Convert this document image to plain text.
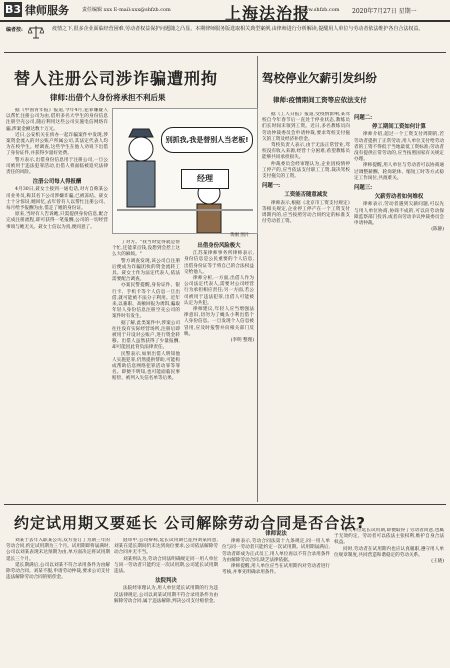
B3 律师服务	责任编辑 xxx E-mail:xxx@shfzb.com	上海法治报
www.shfzb.com 2020年7月27日 星期一
编者按:	疫情之下,很多企业面临经营困难,劳动者权益保护问题随之凸显。本期律师服务版选取相关典型案例,由律师进行分析解读,提醒用人单位与劳动者依法维护各自合法权益。
替人注册公司涉诈骗遭刑拘
律师:出借个人身份将承担不利后果

据《中国青年报》报道,今年4月,犯罪嫌疑人以帮忙注册公司为由,借用多名大学生的身份信息注册空壳公司,随后利用这些公司实施电信网络诈骗,涉案金额达数十万元。

近日,公安机关在侦办一起诈骗案件中发现,涉案资金流入的对公账户所属公司,其法定代表人均为在校学生。经调查,这些学生在他人劝说下出借了身份证件,并获得少量好处费。

警方表示,出借身份信息用于注册公司,一旦公司被用于违法犯罪活动,出借人将面临被追究法律责任的风险。

注册公司每人得报酬

4月30日,聂女士接到一通电话,对方自称某公司业务员,称其名下公司涉嫌诈骗,已被冻结。聂女士十分惊讶,她回忆,去年曾有人以帮忙注册公司、每月给予报酬为由,借走了她的身份证。

原来,当时有人告诉她,只需提供身份信息,配合完成注册流程,即可获得一笔报酬,公司的一切经营事项与她无关。聂女士信以为真,便同意了。

别抓我,我是替别人当老板!
经理
黄刚 图片

了对方。"我当时觉得就是帮个忙,还能拿点钱,没想到会惹上这么大的麻烦。"

警方调查发现,该公司自注册后便成为诈骗团伙的资金流转工具。聂女士作为法定代表人,依法需要配合调查。

办案民警提醒,身份证件、银行卡、手机卡等个人信息一旦出借,就可能被不法分子利用。近年来,以兼职、高额回报为诱饵,骗取年轻人身份信息注册空壳公司的案件时有发生。

据了解,此类案件中,涉案公司往往没有实际经营场所,注册后即被用于开设对公账户,进行资金转移。出借人虽然获得了少量报酬,却可能因此背负法律责任。

民警表示,如果出借人明知他人实施犯罪,仍然提供帮助,可能构成帮助信息网络犯罪活动罪等罪名。即便不明知,也可能面临民事赔偿、被列入失信名单等后果。

出借身份风险极大

江苏某律师事务所律师表示,身份信息是公民重要的个人信息,出借身份证等于将自己的合法权益交给他人。

律师分析,一方面,出借人作为公司法定代表人,需要对公司经营行为承担相应责任;另一方面,若公司被用于违法犯罪,出借人可能被认定为共犯。

律师建议,年轻人应当增强法律意识,切勿为了蝇头小利出借个人身份信息。一旦发现个人信息被冒用,应及时报警并向相关部门反映。

(李明 整理)

驾校停业欠薪引发纠纷
律师:疫情期间工资等应依法支付

据《工人日报》报道,受疫情影响,某驾校自今年春节后一直处于停业状态,教练员们长时间未领到工资。近日,多名教练员向劳动仲裁委员会申请仲裁,要求驾校支付拖欠的工资及经济补偿金。

驾校负责人表示,由于无法正常营业,驾校没有收入来源,经营十分困难,希望教练员能够共同承担损失。

仲裁委员会经审理认为,企业因疫情停工停产的,应当依法支付职工工资,裁决驾校支付拖欠的工资。

问题一:
工资能否随意减发

律师表示,根据《北京市工资支付规定》等相关规定,企业停工停产在一个工资支付周期内的,应当按照劳动合同约定的标准支付劳动者工资。

问题二:
停工期间工资如何计算

律师介绍,超过一个工资支付周期的,若劳动者提供了正常劳动,用人单位支付给劳动者的工资不得低于当地最低工资标准;劳动者没有提供正常劳动的,应当按照国家有关规定办理。

律师提醒,用人单位与劳动者可以协商通过调整薪酬、轮岗轮休、缩短工时等方式稳定工作岗位,共渡难关。

问题三:
欠薪劳动者如何维权

律师表示,劳动者遇到欠薪问题,可以先与用人单位协商,协商不成的,可以向劳动保障监察部门投诉,或者向劳动争议仲裁委员会申请仲裁。

(陈静)

约定试用期又要延长 公司解除劳动合同是否合法?

刘某于去年入职某公司,双方签订了为期三年的劳动合同,约定试用期为三个月。试用期即将届满时,公司以刘某表现未达预期为由,单方面决定将试用期延长三个月。

延长期满后,公司以刘某不符合录用条件为由解除劳动合同。刘某不服,申请劳动仲裁,要求公司支付违法解除劳动合同的赔偿金。

庭审中,公司辩称,延长试用期已征得刘某同意,刘某在延长期间仍未达到岗位要求,公司依法解除劳动合同并无不当。

刘某则认为,劳动合同法明确规定同一用人单位与同一劳动者只能约定一次试用期,公司延长试用期违法。

法院判决

法院经审理认为,用人单位延长试用期的行为违反法律规定,公司以刘某试用期不符合录用条件为由解除劳动合同,属于违法解除,判决公司支付赔偿金。

律师说法

律师表示,劳动合同法第十九条规定,同一用人单位与同一劳动者只能约定一次试用期。试用期届满后,劳动者即成为正式员工,用人单位再以不符合录用条件为由解除劳动合同,缺乏法律依据。

律师提醒,用人单位应当在试用期内对劳动者进行考核,并事先明确录用条件。

用人单位延长试用期,即便取得了劳动者同意,也属于无效约定。劳动者可以依法主张权利,维护自身合法权益。

同时,劳动者在试用期内也应认真履职,遵守用人单位规章制度,共同营造和谐稳定的劳动关系。

(王晓)
